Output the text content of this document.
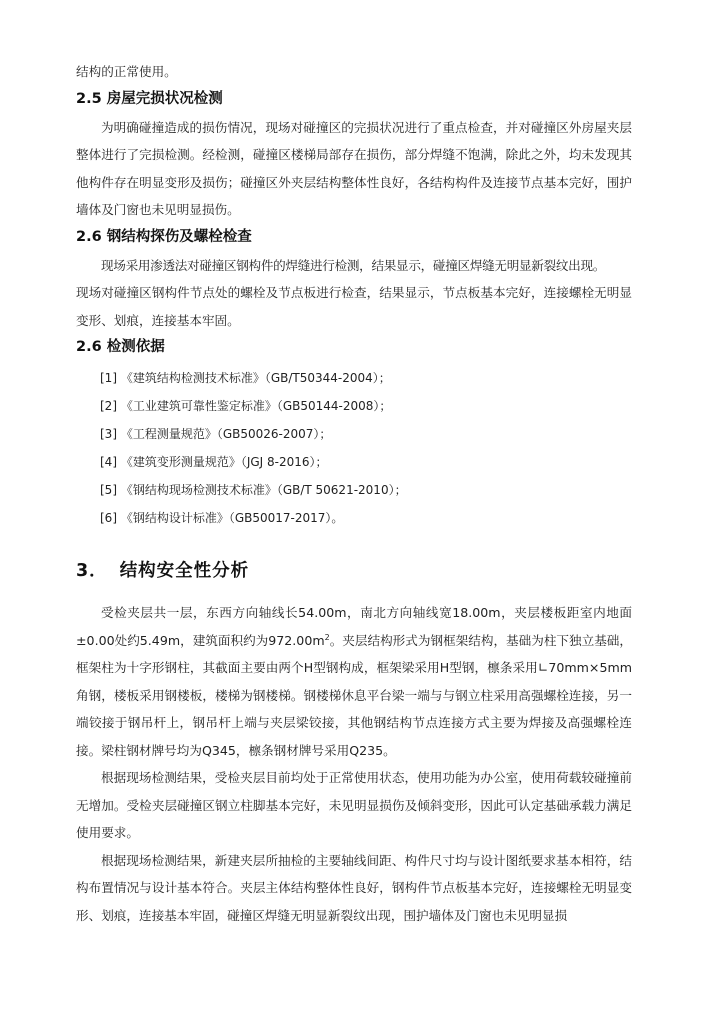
结构的正常使用。

2.5 房屋完损状况检测

为明确碰撞造成的损伤情况，现场对碰撞区的完损状况进行了重点检查，并对碰撞区外房屋夹层整体进行了完损检测。经检测，碰撞区楼梯局部存在损伤，部分焊缝不饱满，除此之外，均未发现其他构件存在明显变形及损伤；碰撞区外夹层结构整体性良好，各结构构件及连接节点基本完好，围护墙体及门窗也未见明显损伤。

2.6 钢结构探伤及螺栓检查

现场采用渗透法对碰撞区钢构件的焊缝进行检测，结果显示，碰撞区焊缝无明显新裂纹出现。

现场对碰撞区钢构件节点处的螺栓及节点板进行检查，结果显示，节点板基本完好，连接螺栓无明显变形、划痕，连接基本牢固。

2.6 检测依据
[1] 《建筑结构检测技术标准》（GB/T50344-2004）；
[2] 《工业建筑可靠性鉴定标准》（GB50144-2008）；
[3] 《工程测量规范》（GB50026-2007）；
[4] 《建筑变形测量规范》（JGJ 8-2016）；
[5] 《钢结构现场检测技术标准》（GB/T 50621-2010）；
[6] 《钢结构设计标准》（GB50017-2017）。
3． 结构安全性分析

受检夹层共一层，东西方向轴线长54.00m，南北方向轴线宽18.00m，夹层楼板距室内地面±0.00处约5.49m，建筑面积约为$972.00m^2$。夹层结构形式为钢框架结构，基础为柱下独立基础，框架柱为十字形钢柱，其截面主要由两个H型钢构成，框架梁采用H型钢，檩条采用∟70mm×5mm角钢，楼板采用钢楼板，楼梯为钢楼梯。钢楼梯休息平台梁一端与与钢立柱采用高强螺栓连接，另一端铰接于钢吊杆上，钢吊杆上端与夹层梁铰接，其他钢结构节点连接方式主要为焊接及高强螺栓连接。梁柱钢材牌号均为Q345，檩条钢材牌号采用Q235。

根据现场检测结果，受检夹层目前均处于正常使用状态，使用功能为办公室，使用荷载较碰撞前无增加。受检夹层碰撞区钢立柱脚基本完好，未见明显损伤及倾斜变形，因此可认定基础承载力满足使用要求。

根据现场检测结果，新建夹层所抽检的主要轴线间距、构件尺寸均与设计图纸要求基本相符，结构布置情况与设计基本符合。夹层主体结构整体性良好，钢构件节点板基本完好，连接螺栓无明显变形、划痕，连接基本牢固，碰撞区焊缝无明显新裂纹出现，围护墙体及门窗也未见明显损
